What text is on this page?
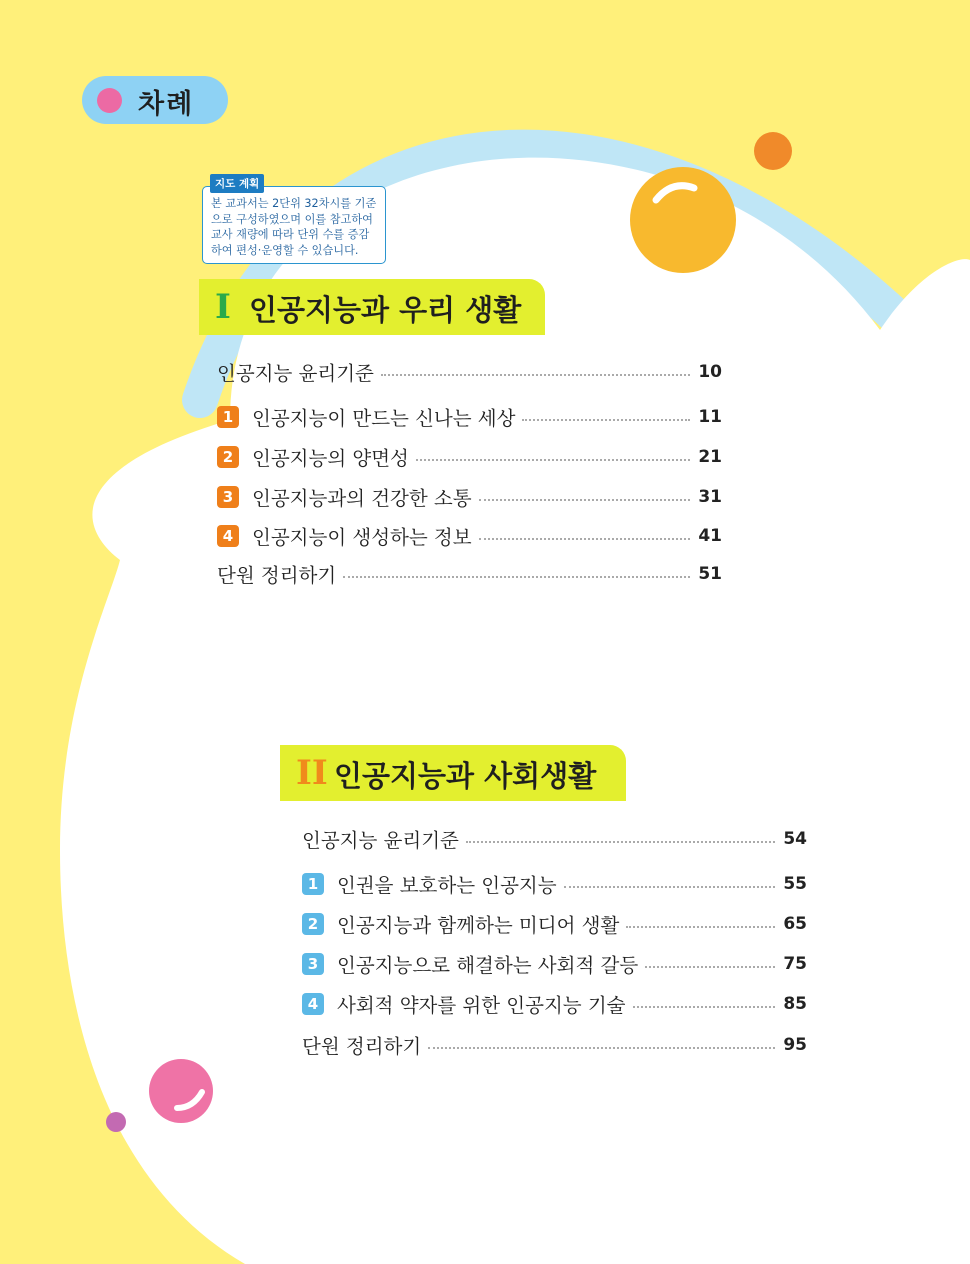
차례
본 교과서는 2단위 32차시를 기준
으로 구성하였으며 이를 참고하여
교사 재량에 따라 단위 수를 증감
하여 편성·운영할 수 있습니다.
지도 계획
I 인공지능과 우리 생활
인공지능 윤리기준	10
1 인공지능이 만드는 신나는 세상	11
2 인공지능의 양면성	21
3 인공지능과의 건강한 소통	31
4 인공지능이 생성하는 정보	41
단원 정리하기	51
II 인공지능과 사회생활
인공지능 윤리기준	54
1 인권을 보호하는 인공지능	55
2 인공지능과 함께하는 미디어 생활	65
3 인공지능으로 해결하는 사회적 갈등	75
4 사회적 약자를 위한 인공지능 기술	85
단원 정리하기	95
